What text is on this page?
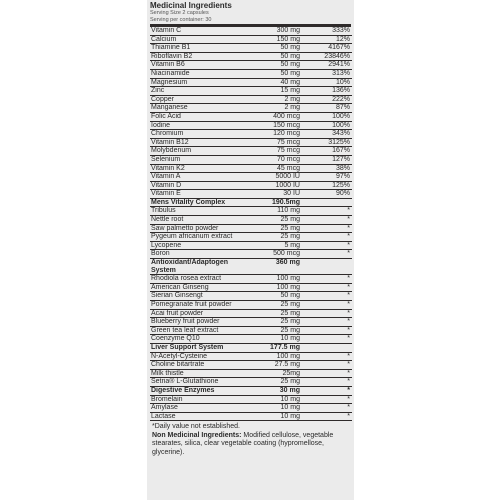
Medicinal Ingredients
Serving Size 2 capsules
Serving per container: 30
Vitamin C	300 mg	333%
Calcium	150 mg	12%
Thiamine B1	50 mg	4167%
Riboflavin B2	50 mg	23846%
Vitamin B6	50 mg	2941%
Niacinamide	50 mg	313%
Magnesium	40 mg	10%
Zinc	15 mg	136%
Copper	2 mg	222%
Manganese	2 mg	87%
Folic Acid	400 mcg	100%
Iodine	150 mcg	100%
Chromium	120 mcg	343%
Vitamin B12	75 mcg	3125%
Molybdenum	75 mcg	167%
Selenium	70 mcg	127%
Vitamin K2	45 mcg	38%
Vitamin A	5000 IU	97%
Vitamin D	1000 IU	125%
Vitamin E	30 IU	90%
Mens Vitality Complex	190.5mg	
Tribulus	110 mg	*
Nettle root	25 mg	*
Saw palmetto powder	25 mg	*
Pygeum africanum extract	25 mg	*
Lycopene	5 mg	*
Boron	500 mcg	*
Antioxidant/Adaptogen System	360 mg	
Rhodiola rosea extract	100 mg	*
American Ginseng	100 mg	*
Sierian Ginsengt	50 mg	*
Pomegranate fruit powder	25 mg	*
Acai fruit powder	25 mg	*
Blueberry fruit powder	25 mg	*
Green tea leaf extract	25 mg	*
Coenzyme Q10	10 mg	*
Liver Support System	177.5 mg	
N-Acetyl-Cysteine	100 mg	*
Choline bitartrate	27.5 mg	*
Milk thistle	25mg	*
Setria® L-Glutathione	25 mg	*
Digestive Enzymes	30 mg	*
Bromelain	10 mg	*
Amylase	10 mg	*
Lactase	10 mg	*
*Daily value not established.
Non Medicinal Ingredients: Modified cellulose, vegetable stearates, silica, clear vegetable coating (hypromellose, glycerine).
